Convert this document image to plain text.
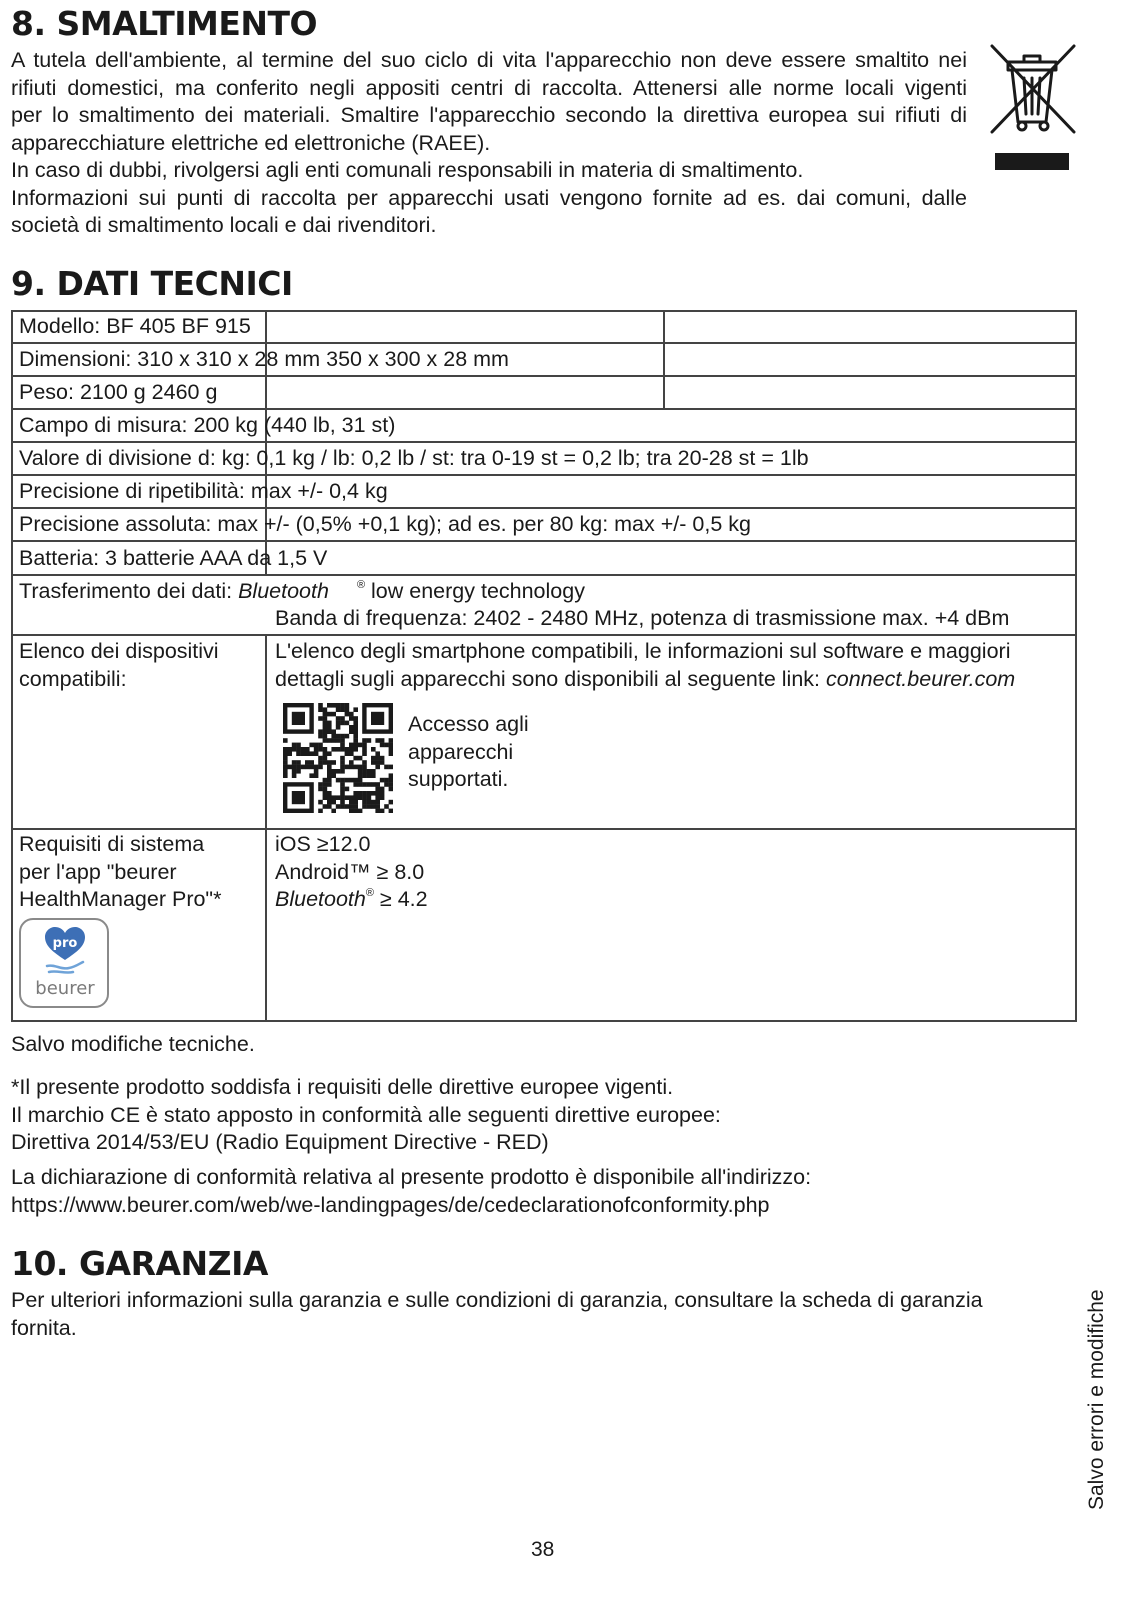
8. SMALTIMENTO

A tutela dell'ambiente, al termine del suo ciclo di vita l'apparecchio non deve essere smaltito nei

rifiuti domestici, ma conferito negli appositi centri di raccolta. Attenersi alle norme locali vigenti

per lo smaltimento dei materiali. Smaltire l'apparecchio secondo la direttiva europea sui rifiuti di

apparecchiature elettriche ed elettroniche (RAEE).

In caso di dubbi, rivolgersi agli enti comunali responsabili in materia di smaltimento.

Informazioni sui punti di raccolta per apparecchi usati vengono fornite ad es. dai comuni, dalle

società di smaltimento locali e dai rivenditori.

9. DATI TECNICI
Modello: BF 405 BF 915
Dimensioni: 310 x 310 x 28 mm 350 x 300 x 28 mm
Peso: 2100 g 2460 g
Campo di misura: 200 kg (440 lb, 31 st)
Valore di divisione d: kg: 0,1 kg / lb: 0,2 lb / st: tra 0-19 st = 0,2 lb; tra 20-28 st = 1lb
Precisione di ripetibilità: max +/- 0,4 kg
Precisione assoluta: max +/- (0,5% +0,1 kg); ad es. per 80 kg: max +/- 0,5 kg
Batteria: 3 batterie AAA da 1,5 V
Trasferimento dei dati: Bluetooth	® low energy technology
Banda di frequenza: 2402 - 2480 MHz, potenza di trasmissione max. +4 dBm
Elenco dei dispositivi
compatibili:
L'elenco degli smartphone compatibili, le informazioni sul software e maggiori
dettagli sugli apparecchi sono disponibili al seguente link: connect.beurer.com
Accesso agli
apparecchi
supportati.
Requisiti di sistema
per l'app "beurer
HealthManager Pro"*
iOS ≥12.0
Android™ ≥ 8.0
Bluetooth® ≥ 4.2
pro
beurer
Salvo modifiche tecniche.

*Il presente prodotto soddisfa i requisiti delle direttive europee vigenti.

Il marchio CE è stato apposto in conformità alle seguenti direttive europee:

Direttiva 2014/53/EU (Radio Equipment Directive - RED)

La dichiarazione di conformità relativa al presente prodotto è disponibile all'indirizzo:

https://www.beurer.com/web/we-landingpages/de/cedeclarationofconformity.php

10. GARANZIA

Per ulteriori informazioni sulla garanzia e sulle condizioni di garanzia, consultare la scheda di garanzia

fornita.	Salvo errori e modifiche
38
